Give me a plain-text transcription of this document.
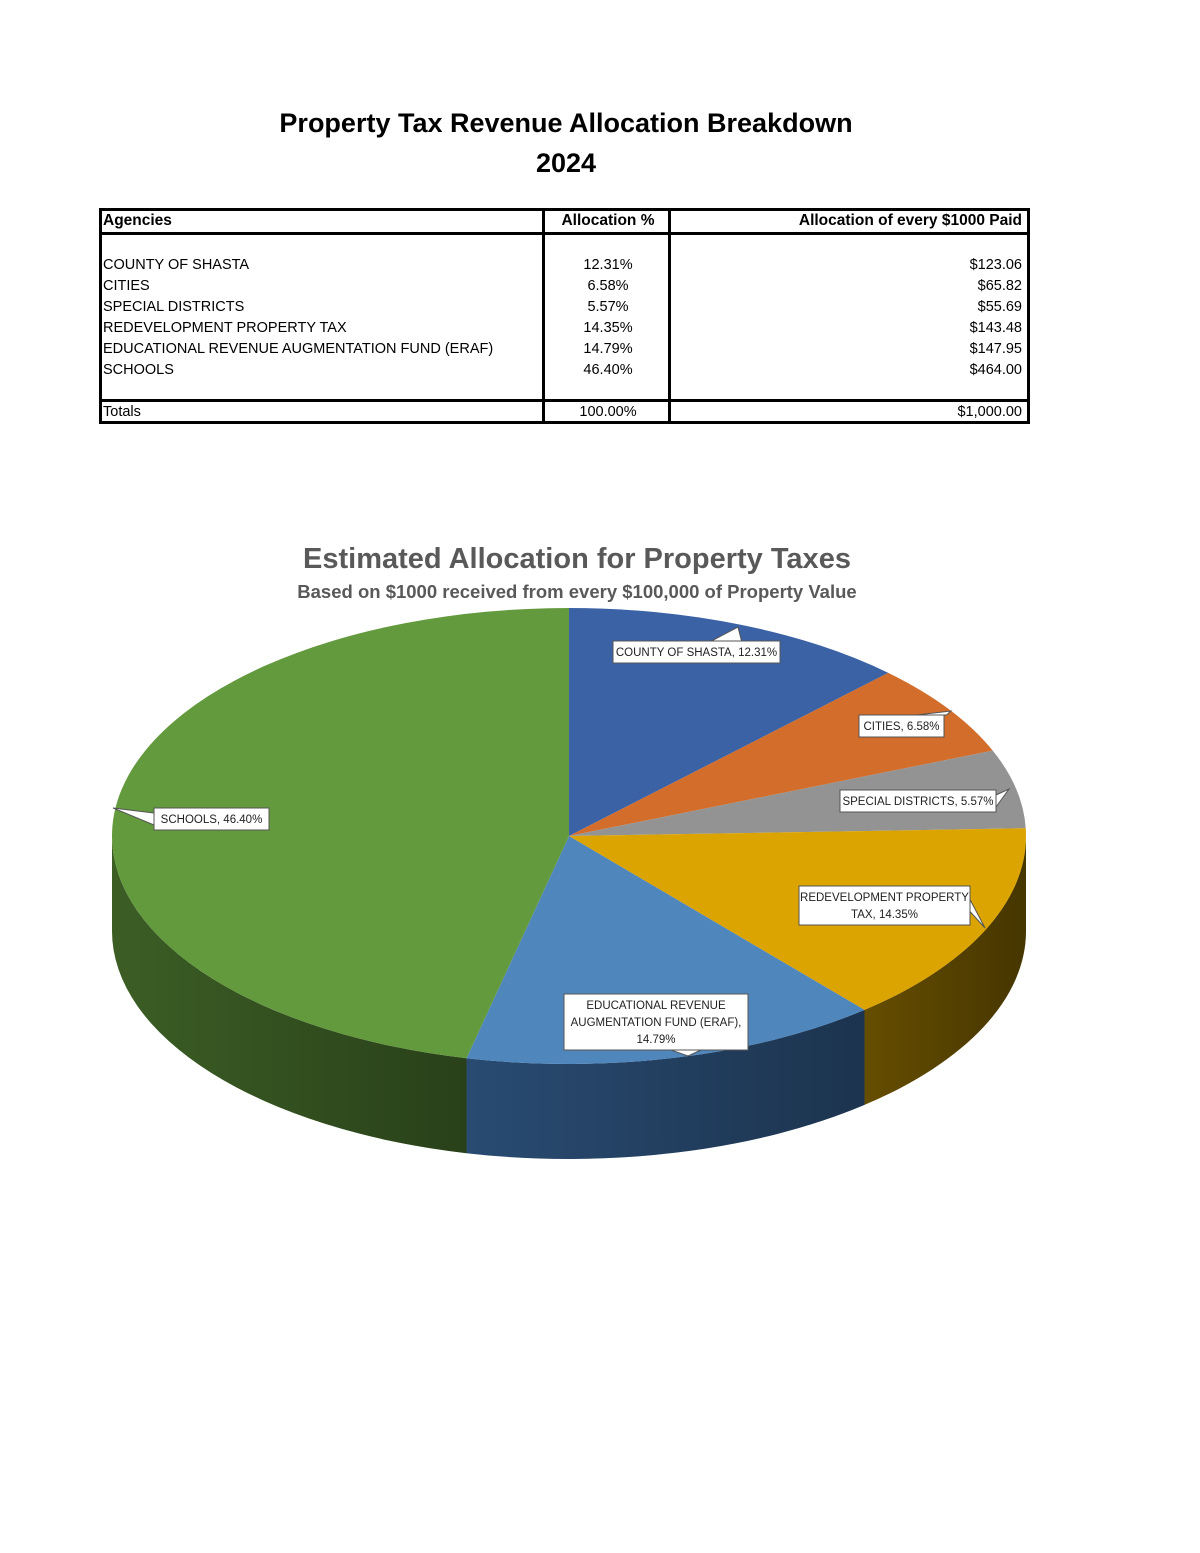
Property Tax Revenue Allocation Breakdown
2024
Agencies	Allocation %	Allocation of every $1000 Paid
COUNTY OF SHASTA	12.31%	$123.06
CITIES	6.58%	$65.82
SPECIAL DISTRICTS	5.57%	$55.69
REDEVELOPMENT PROPERTY TAX	14.35%	$143.48
EDUCATIONAL REVENUE AUGMENTATION FUND (ERAF)	14.79%	$147.95
SCHOOLS	46.40%	$464.00
Totals	100.00%	$1,000.00
Estimated Allocation for Property Taxes
Based on $1000 received from every $100,000 of Property Value
COUNTY OF SHASTA, 12.31%
CITIES, 6.58%
SPECIAL DISTRICTS, 5.57%
REDEVELOPMENT PROPERTY
TAX, 14.35%
EDUCATIONAL REVENUE
AUGMENTATION FUND (ERAF),
14.79%
SCHOOLS, 46.40%
